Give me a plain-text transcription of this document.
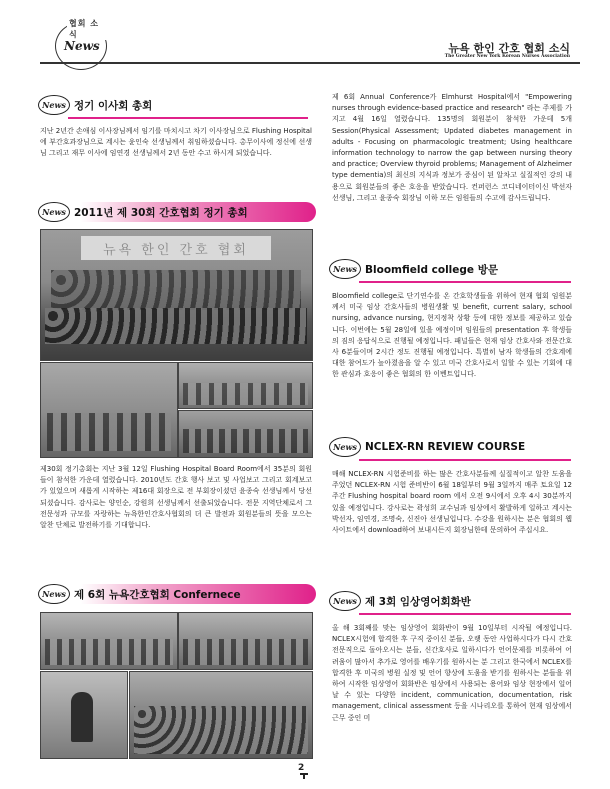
협회 소식
News	뉴욕 한인 간호 협회 소식
The Greater New York Korean Nurses Association
News 정기 이사회 총회
지난 2년간 손애심 이사장님께서 임기를 마치시고 차기 이사장님으로 Flushing Hospital 에 부간호과장님으로 계시는 윤인숙 선생님께서 취임하셨습니다. 총무이사에 정신에 선생님 그리고 재무 이사에 임연경 선생님께서 2년 동안 수고 하시게 되었습니다.
News 2011년 제 30회 간호협회 정기 총회
뉴욕 한인 간호 협회
제30회 정기총회는 지난 3월 12일 Flushing Hospital Board Room에서 35분의 회원들이 참석한 가운데 열렸습니다. 2010년도 간호 행사 보고 및 사업보고 그리고 회계보고가 있었으며 새롭게 시작하는 제16대 회장으로 전 부회장이셨던 윤종숙 선생님께서 당선되셨습니다. 감사로는 양인순, 강원희 선생님께서 선출되었습니다. 전문 지역단체로서 그 전문성과 규모를 자랑하는 뉴욕한인간호사협회의 더 큰 발전과 회원분들의 뜻을 모으는 알찬 단체로 발전하기를 기대합니다.
News 제 6회 뉴욕간호협회 Confernece
제 6회 Annual Conference가 Elmhurst Hospital에서 "Empowering nurses through evidence-based practice and research" 라는 주제를 가지고 4월 16일 열렸습니다. 135명의 회원분이 참석한 가운데 5개 Session(Physical Assessment; Updated diabetes management in adults - Focusing on pharmacologic treatment; Using healthcare information technology to narrow the gap between nursing theory and practice; Overview thyroid problems; Management of Alzheimer type dementia)의 최신의 지식과 정보가 증심이 된 알차고 실질적인 강의 내용으로 회원분들의 좋은 호응을 받았습니다. 컨퍼런스 코디네이터이신 박선자 선생님, 그리고 윤종숙 회장님 이하 모든 임원들의 수고에 감사드립니다.
News Bloomfield college 방문
Bloomfield college로 단기연수를 온 간호학생들을 위하여 현재 협회 임원분께서 미국 임상 간호사들의 병원생활 및 benefit, current salary, school nursing, advance nursing, 현지정착 상황 등에 대한 정보를 제공하고 있습니다. 이번에는 5월 28일에 있을 예정이며 임원들의 presentation 후 학생들의 짐의 응답식으로 진행될 예정입니다. 패널들은 현재 임상 간호사와 전문간호사 6분들이며 2시간 정도 진행될 예정입니다. 특별히 남자 학생들의 간호계에 대한 참여도가 높아졌음을 알 수 있고 미국 간호사로서 일할 수 있는 기회에 대한 관심과 호응이 좋은 협회의 한 이벤트입니다.
News NCLEX-RN REVIEW COURSE
매해 NCLEX-RN 시험준비를 하는 많은 간호사분들께 실질적이고 알찬 도움을 주었던 NCLEX-RN 시험 준비반이 6월 18일부터 9월 3일까지 매주 토요일 12주간 Flushing hospital board room 에서 오전 9시에서 오후 4시 30분까지 있을 예정입니다. 강사로는 곽성희 교수님과 임상에서 활발하게 일하고 계시는 박선자, 임연경, 조명숙, 신진아 선생님입니다. 수강을 원하시는 분은 협회의 웹사이트에서 download하여 보내시든지 회장님한테 문의하여 주십시요.
News 제 3회 임상영어회화반
올 해 3회째를 맞는 임상영어 회화반이 9월 10일부터 시작될 예정입니다. NCLEX시험에 합격한 후 구직 중이신 분들, 오랫 동안 사업하시다가 다시 간호 전문직으로 돌아오시는 분들, 신간호사로 일하시다가 언어문제를 비롯하여 어려움이 많아서 추가로 영어를 배우기를 원하시는 분 그리고 한국에서 NCLEX를 합격한 후 미국의 병원 실정 및 언어 향상에 도움을 받기를 원하시는 분들을 위하여 시작한 임상영어 회화반은 임상에서 사용되는 용어와 임상 현장에서 일어 날 수 있는 다양한 incident, communication, documentation, risk management, clinical assessment 등을 시나리오를 통하여 현재 임상에서 근무 중인 미
2
